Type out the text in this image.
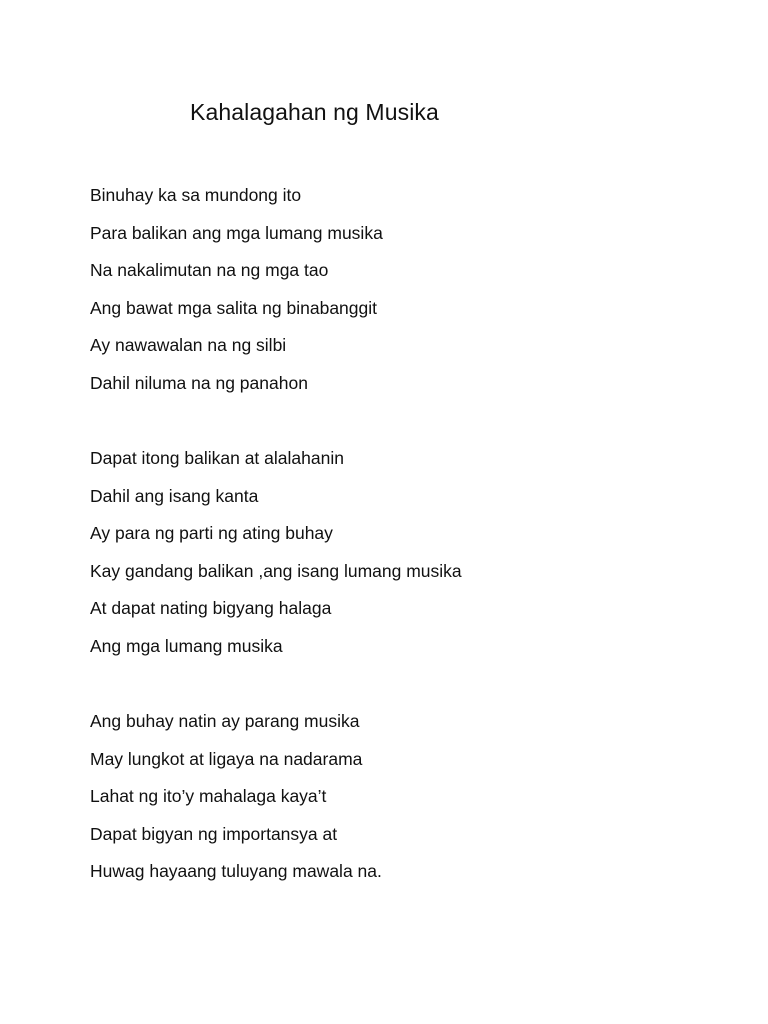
Kahalagahan ng Musika
Binuhay ka sa mundong ito
Para balikan ang mga lumang musika
Na nakalimutan na ng mga tao
Ang bawat mga salita ng binabanggit
Ay nawawalan na ng silbi
Dahil niluma na ng panahon
Dapat itong balikan at alalahanin
Dahil ang isang kanta
Ay para ng parti ng ating buhay
Kay gandang balikan ,ang isang lumang musika
At dapat nating bigyang halaga
Ang mga lumang musika
Ang buhay natin ay parang musika
May lungkot at ligaya na nadarama
Lahat ng ito’y mahalaga kaya’t
Dapat bigyan ng importansya at
Huwag hayaang tuluyang mawala na.
